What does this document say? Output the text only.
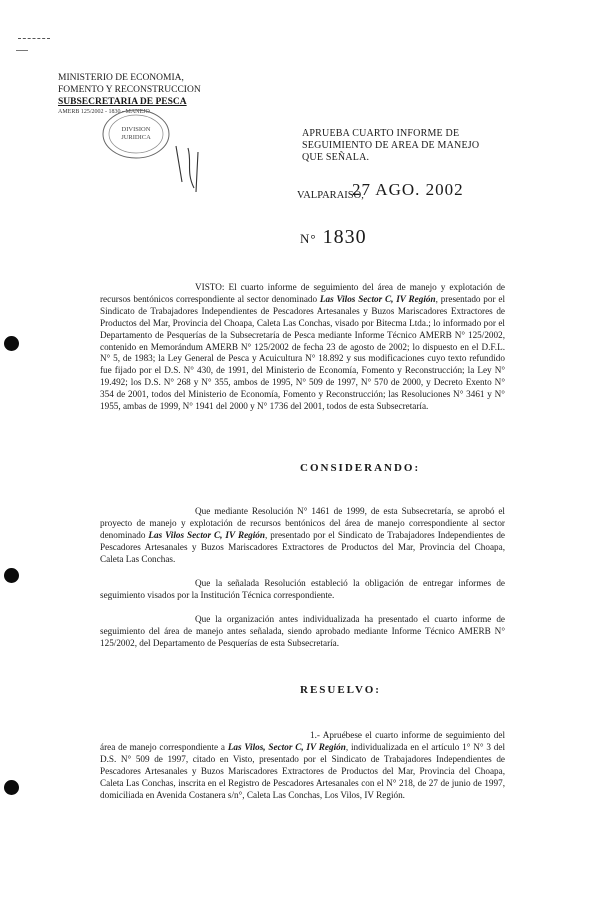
MINISTERIO DE ECONOMIA,
FOMENTO Y RECONSTRUCCION
SUBSECRETARIA DE PESCA
AMERB 125/2002 - 1830 - MANEJO
DIVISION
JURIDICA	APRUEBA CUARTO INFORME DE SEGUIMIENTO DE AREA DE MANEJO QUE SEÑALA.
VALPARAISO,
27 AGO. 2002
N° 1830
VISTO: El cuarto informe de seguimiento del área de manejo y explotación de recursos bentónicos correspondiente al sector denominado Las Vilos Sector C, IV Región, presentado por el Sindicato de Trabajadores Independientes de Pescadores Artesanales y Buzos Mariscadores Extractores de Productos del Mar, Provincia del Choapa, Caleta Las Conchas, visado por Bitecma Ltda.; lo informado por el Departamento de Pesquerías de la Subsecretaría de Pesca mediante Informe Técnico AMERB N° 125/2002, contenido en Memorándum AMERB N° 125/2002 de fecha 23 de agosto de 2002; lo dispuesto en el D.F.L. N° 5, de 1983; la Ley General de Pesca y Acuicultura N° 18.892 y sus modificaciones cuyo texto refundido fue fijado por el D.S. N° 430, de 1991, del Ministerio de Economía, Fomento y Reconstrucción; la Ley N° 19.492; los D.S. N° 268 y N° 355, ambos de 1995, N° 509 de 1997, N° 570 de 2000, y Decreto Exento N° 354 de 2001, todos del Ministerio de Economía, Fomento y Reconstrucción; las Resoluciones N° 3461 y N° 1955, ambas de 1999, N° 1941 del 2000 y N° 1736 del 2001, todos de esta Subsecretaría.
CONSIDERANDO:
Que mediante Resolución N° 1461 de 1999, de esta Subsecretaría, se aprobó el proyecto de manejo y explotación de recursos bentónicos del área de manejo correspondiente al sector denominado Las Vilos Sector C, IV Región, presentado por el Sindicato de Trabajadores Independientes de Pescadores Artesanales y Buzos Mariscadores Extractores de Productos del Mar, Provincia del Choapa, Caleta Las Conchas.
Que la señalada Resolución estableció la obligación de entregar informes de seguimiento visados por la Institución Técnica correspondiente.
Que la organización antes individualizada ha presentado el cuarto informe de seguimiento del área de manejo antes señalada, siendo aprobado mediante Informe Técnico AMERB N° 125/2002, del Departamento de Pesquerías de esta Subsecretaría.
RESUELVO:
1.- Apruébese el cuarto informe de seguimiento del área de manejo correspondiente a Las Vilos, Sector C, IV Región, individualizada en el artículo 1° N° 3 del D.S. N° 509 de 1997, citado en Visto, presentado por el Sindicato de Trabajadores Independientes de Pescadores Artesanales y Buzos Mariscadores Extractores de Productos del Mar, Provincia del Choapa, Caleta Las Conchas, inscrita en el Registro de Pescadores Artesanales con el N° 218, de 27 de junio de 1997, domiciliada en Avenida Costanera s/n°, Caleta Las Conchas, Los Vilos, IV Región.
